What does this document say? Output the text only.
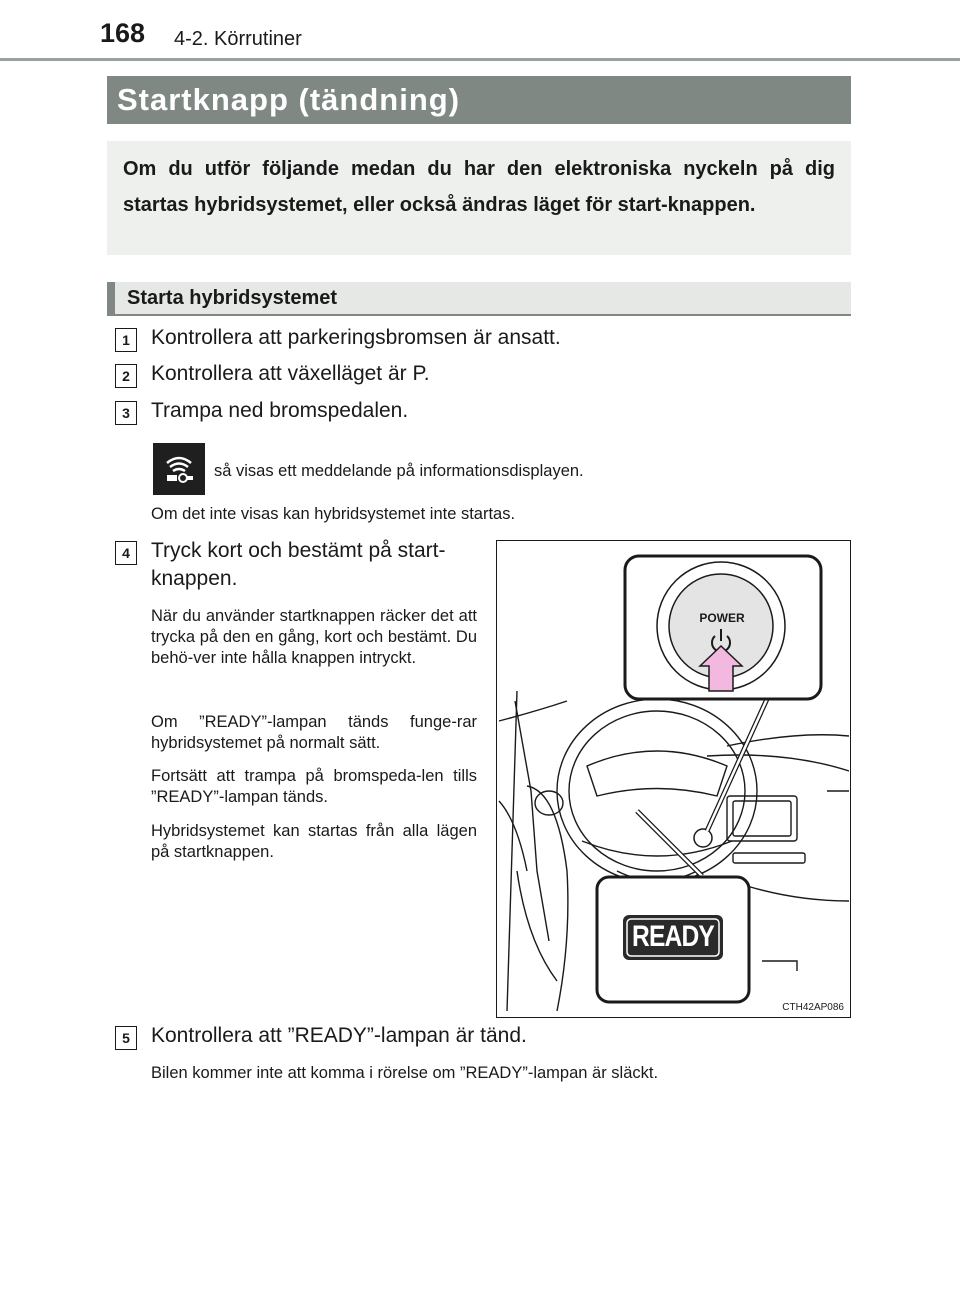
168 4-2. Körrutiner
Startknapp (tändning)
Om du utför följande medan du har den elektroniska nyckeln på dig startas hybridsystemet, eller också ändras läget för start-knappen.
Starta hybridsystemet
1	Kontrollera att parkeringsbromsen är ansatt.
2	Kontrollera att växelläget är P.
3	Trampa ned bromspedalen.
så visas ett meddelande på informationsdisplayen.
Om det inte visas kan hybridsystemet inte startas.
4	Tryck kort och bestämt på start-
knappen.
När du använder startknappen räcker det att trycka på den en gång, kort och bestämt. Du behö-ver inte hålla knappen intryckt.
Om ”READY”-lampan tänds funge-rar hybridsystemet på normalt sätt.
Fortsätt att trampa på bromspeda-len tills ”READY”-lampan tänds.
Hybridsystemet kan startas från alla lägen på startknappen.
POWER
READY
CTH42AP086
5	Kontrollera att ”READY”-lampan är tänd.
Bilen kommer inte att komma i rörelse om ”READY”-lampan är släckt.
